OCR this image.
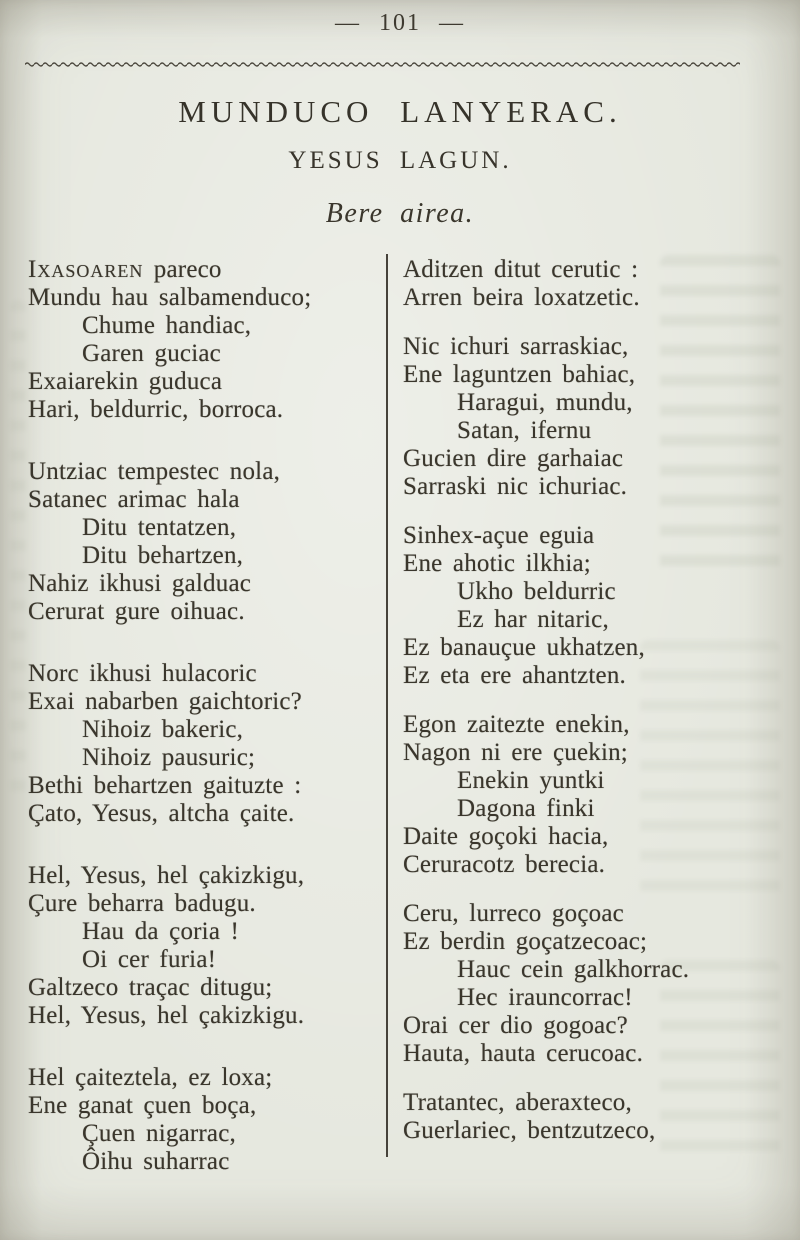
— 101 —
MUNDUCO LANYERAC.
YESUS LAGUN.
Bere airea.
Ixasoaren pareco
Mundu hau salbamenduco;
Chume handiac,
Garen guciac
Exaiarekin guduca
Hari, beldurric, borroca.
Untziac tempestec nola,
Satanec arimac hala
Ditu tentatzen,
Ditu behartzen,
Nahiz ikhusi galduac
Cerurat gure oihuac.
Norc ikhusi hulacoric
Exai nabarben gaichtoric?
Nihoiz bakeric,
Nihoiz pausuric;
Bethi behartzen gaituzte :
Çato, Yesus, altcha çaite.
Hel, Yesus, hel çakizkigu,
Çure beharra badugu.
Hau da çoria !
Oi cer furia!
Galtzeco traçac ditugu;
Hel, Yesus, hel çakizkigu.
Hel çaiteztela, ez loxa;
Ene ganat çuen boça,
Çuen nigarrac,
Ôihu suharrac
Aditzen ditut cerutic :
Arren beira loxatzetic.
Nic ichuri sarraskiac,
Ene laguntzen bahiac,
Haragui, mundu,
Satan, ifernu
Gucien dire garhaiac
Sarraski nic ichuriac.
Sinhex-açue eguia
Ene ahotic ilkhia;
Ukho beldurric
Ez har nitaric,
Ez banauçue ukhatzen,
Ez eta ere ahantzten.
Egon zaitezte enekin,
Nagon ni ere çuekin;
Enekin yuntki
Dagona finki
Daite goçoki hacia,
Ceruracotz berecia.
Ceru, lurreco goçoac
Ez berdin goçatzecoac;
Hauc cein galkhorrac.
Hec irauncorrac!
Orai cer dio gogoac?
Hauta, hauta cerucoac.
Tratantec, aberaxteco,
Guerlariec, bentzutzeco,
